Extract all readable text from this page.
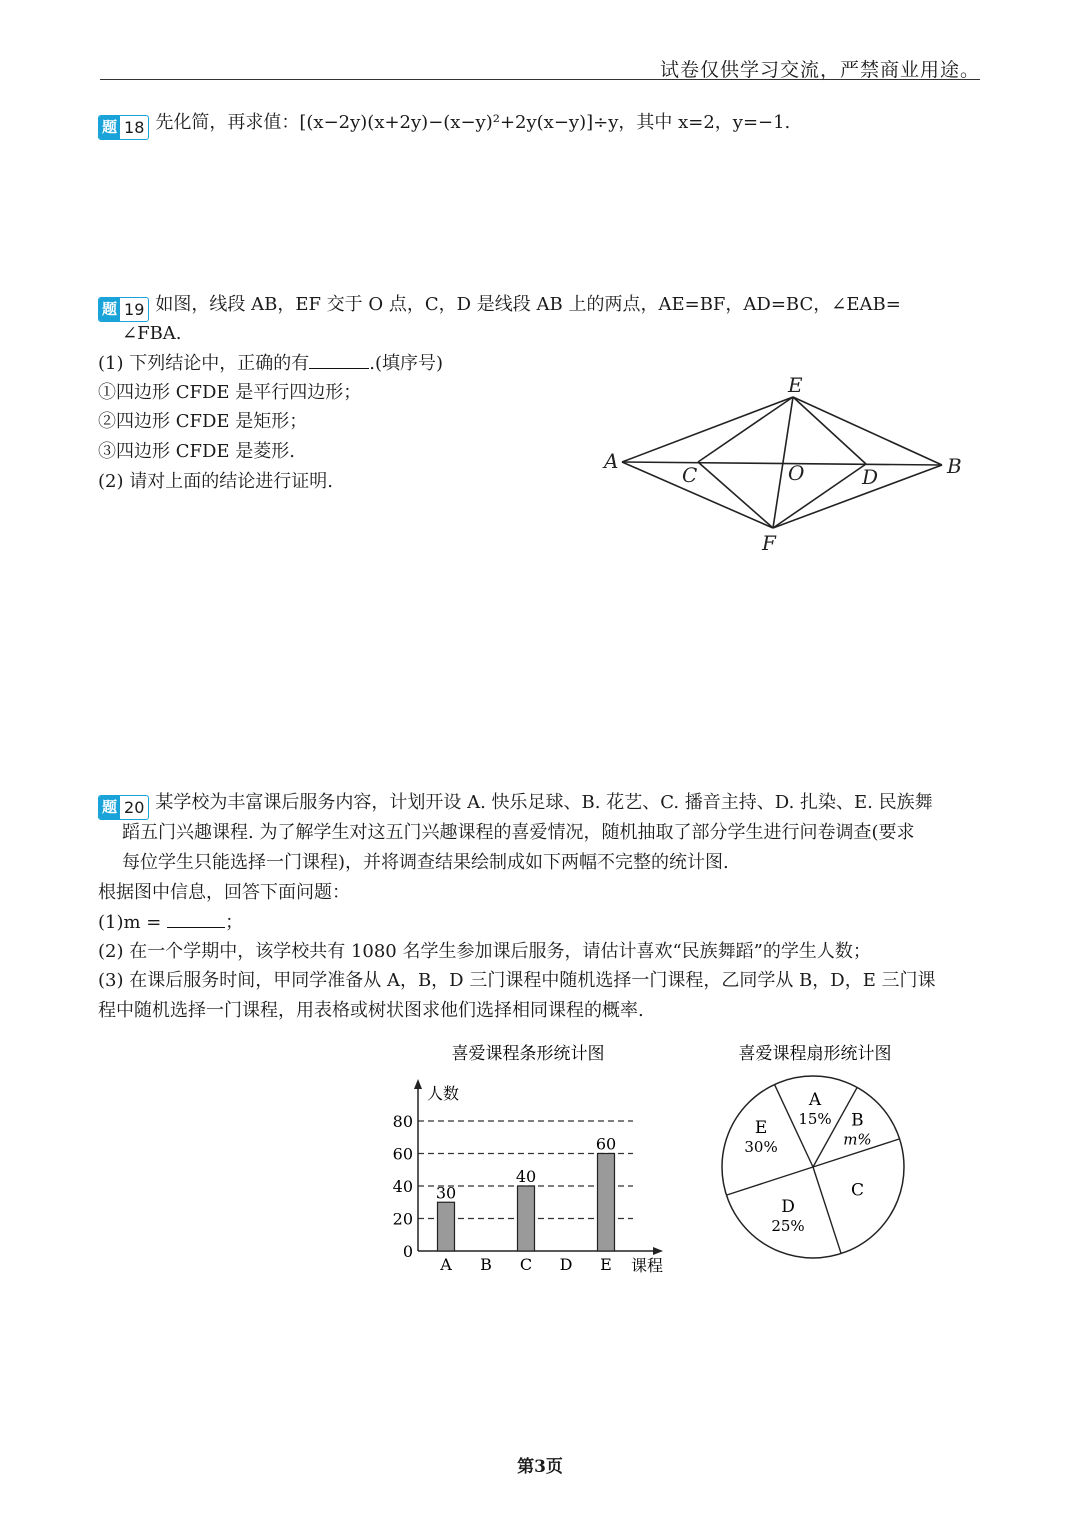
试卷仅供学习交流，严禁商业用途。
题 18 先化简，再求值：[(x−2y)(x+2y)−(x−y)²+2y(x−y)]÷y，其中 x=2，y=−1.
题 19 如图，线段 AB，EF 交于 O 点，C，D 是线段 AB 上的两点，AE=BF，AD=BC，∠EAB=
∠FBA.
(1) 下列结论中，正确的有	.(填序号)
①四边形 CFDE 是平行四边形；
②四边形 CFDE 是矩形；
③四边形 CFDE 是菱形.
(2) 请对上面的结论进行证明.
A	B
C	D
E
F
O
题 20 某学校为丰富课后服务内容，计划开设 A. 快乐足球、B. 花艺、C. 播音主持、D. 扎染、E. 民族舞
蹈五门兴趣课程. 为了解学生对这五门兴趣课程的喜爱情况，随机抽取了部分学生进行问卷调查(要求
每位学生只能选择一门课程)，并将调查结果绘制成如下两幅不完整的统计图.
根据图中信息，回答下面问题：
(1)m =	；
(2) 在一个学期中，该学校共有 1080 名学生参加课后服务，请估计喜欢“民族舞蹈”的学生人数；
(3) 在课后服务时间，甲同学准备从 A，B，D 三门课程中随机选择一门课程，乙同学从 B，D，E 三门课
程中随机选择一门课程，用表格或树状图求他们选择相同课程的概率.
喜爱课程条形统计图
人数
课程
0
20
40
60
80
30
40
60
A B C D E
喜爱课程扇形统计图
A
15% B
m%
C
D
25%
E
30%
第3页
